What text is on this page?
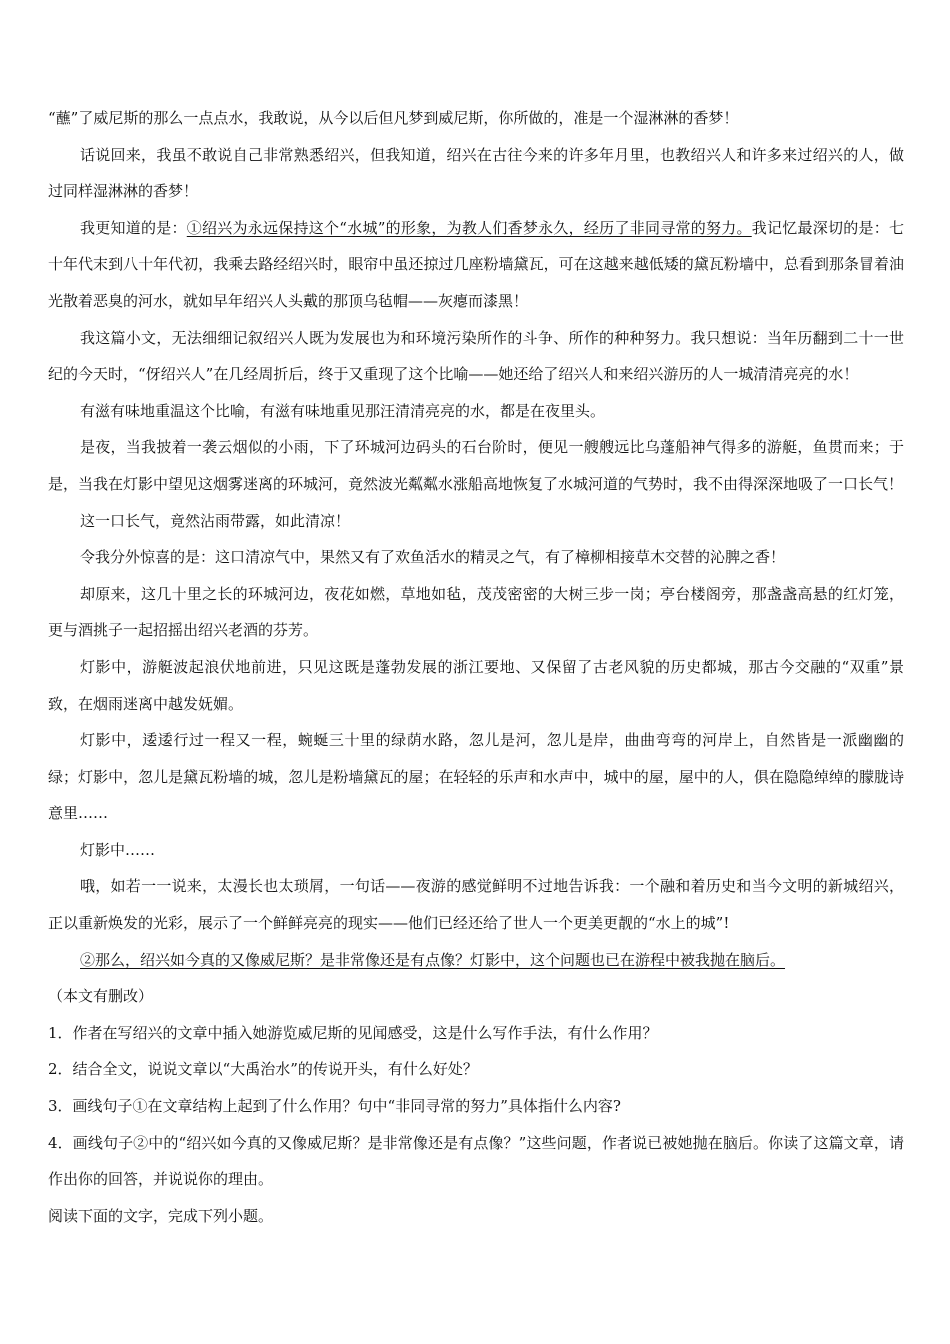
“蘸”了威尼斯的那么一点点水，我敢说，从今以后但凡梦到威尼斯，你所做的，准是一个湿淋淋的香梦！

话说回来，我虽不敢说自己非常熟悉绍兴，但我知道，绍兴在古往今来的许多年月里，也教绍兴人和许多来过绍兴的人，做过同样湿淋淋的香梦！

我更知道的是：①绍兴为永远保持这个“水城”的形象，为教人们香梦永久，经历了非同寻常的努力。我记忆最深切的是：七十年代末到八十年代初，我乘去路经绍兴时，眼帘中虽还掠过几座粉墙黛瓦，可在这越来越低矮的黛瓦粉墙中，总看到那条冒着油光散着恶臭的河水，就如早年绍兴人头戴的那顶乌毡帽——灰瘪而漆黑！

我这篇小文，无法细细记叙绍兴人既为发展也为和环境污染所作的斗争、所作的种种努力。我只想说：当年历翻到二十一世纪的今天时，“伢绍兴人”在几经周折后，终于又重现了这个比喻——她还给了绍兴人和来绍兴游历的人一城清清亮亮的水！

有滋有味地重温这个比喻，有滋有味地重见那汪清清亮亮的水，都是在夜里头。

是夜，当我披着一袭云烟似的小雨，下了环城河边码头的石台阶时，便见一艘艘远比乌蓬船神气得多的游艇，鱼贯而来；于是，当我在灯影中望见这烟雾迷离的环城河，竟然波光粼粼水涨船高地恢复了水城河道的气势时，我不由得深深地吸了一口长气！

这一口长气，竟然沾雨带露，如此清凉！

令我分外惊喜的是：这口清凉气中，果然又有了欢鱼活水的精灵之气，有了樟柳相接草木交替的沁脾之香！

却原来，这几十里之长的环城河边，夜花如燃，草地如毡，茂茂密密的大树三步一岗；亭台楼阁旁，那盏盏高悬的红灯笼，更与酒挑子一起招摇出绍兴老酒的芬芳。

灯影中，游艇波起浪伏地前进，只见这既是蓬勃发展的浙江要地、又保留了古老风貌的历史都城，那古今交融的“双重”景致，在烟雨迷离中越发妩媚。

灯影中，逶逶行过一程又一程，蜿蜒三十里的绿荫水路，忽儿是河，忽儿是岸，曲曲弯弯的河岸上，自然皆是一派幽幽的绿；灯影中，忽儿是黛瓦粉墙的城，忽儿是粉墙黛瓦的屋；在轻轻的乐声和水声中，城中的屋，屋中的人，俱在隐隐绰绰的朦胧诗意里……

灯影中……

哦，如若一一说来，太漫长也太琐屑，一句话——夜游的感觉鲜明不过地告诉我：一个融和着历史和当今文明的新城绍兴，正以重新焕发的光彩，展示了一个鲜鲜亮亮的现实——他们已经还给了世人一个更美更靓的“水上的城”!

②那么，绍兴如今真的又像威尼斯？是非常像还是有点像？灯影中，这个问题也已在游程中被我抛在脑后。

（本文有删改）

1．作者在写绍兴的文章中插入她游览威尼斯的见闻感受，这是什么写作手法，有什么作用？

2．结合全文，说说文章以“大禹治水”的传说开头，有什么好处？

3．画线句子①在文章结构上起到了什么作用？句中“非同寻常的努力”具体指什么内容?

4．画线句子②中的“绍兴如今真的又像威尼斯？是非常像还是有点像？”这些问题，作者说已被她抛在脑后。你读了这篇文章，请作出你的回答，并说说你的理由。

阅读下面的文字，完成下列小题。
